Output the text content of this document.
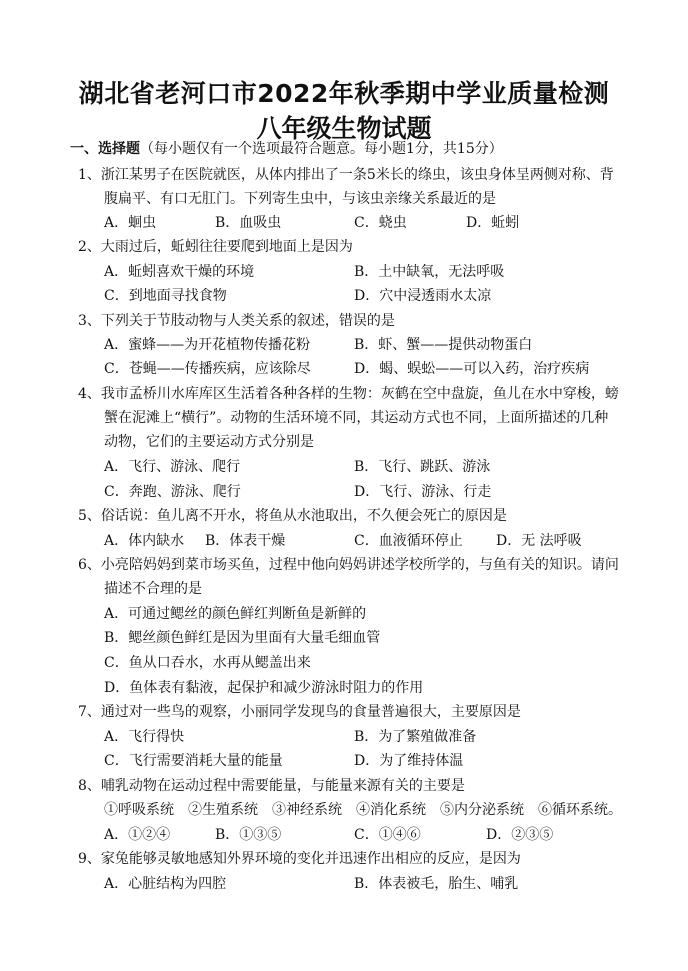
湖北省老河口市2022年秋季期中学业质量检测
八年级生物试题
一、选择题（每小题仅有一个选项最符合题意。每小题1分，共15分）
1、浙江某男子在医院就医，从体内排出了一条5米长的绦虫，该虫身体呈两侧对称、背
腹扁平、有口无肛门。下列寄生虫中，与该虫亲缘关系最近的是
A．蛔虫	B．血吸虫	C．蛲虫	D．蚯蚓
2、大雨过后，蚯蚓往往要爬到地面上是因为
A．蚯蚓喜欢干燥的环境	B．土中缺氧，无法呼吸
C．到地面寻找食物	D．穴中浸透雨水太凉
3、下列关于节肢动物与人类关系的叙述，错误的是
A．蜜蜂——为开花植物传播花粉	B．虾、蟹——提供动物蛋白
C．苍蝇——传播疾病，应该除尽	D．蝎、蜈蚣——可以入药，治疗疾病
4、我市孟桥川水库库区生活着各种各样的生物：灰鹤在空中盘旋，鱼儿在水中穿梭，螃
蟹在泥滩上“横行”。动物的生活环境不同，其运动方式也不同，上面所描述的几种
动物，它们的主要运动方式分别是
A．飞行、游泳、爬行	B．飞行、跳跃、游泳
C．奔跑、游泳、爬行	D．飞行、游泳、行走
5、俗话说：鱼儿离不开水，将鱼从水池取出，不久便会死亡的原因是
A．体内缺水 B．体表干燥	C．血液循环停止 D．无 法呼吸
6、小亮陪妈妈到菜市场买鱼，过程中他向妈妈讲述学校所学的，与鱼有关的知识。请问
描述不合理的是
A．可通过鳃丝的颜色鲜红判断鱼是新鲜的
B．鳃丝颜色鲜红是因为里面有大量毛细血管
C．鱼从口吞水，水再从鳃盖出来
D．鱼体表有黏液，起保护和减少游泳时阻力的作用
7、通过对一些鸟的观察，小丽同学发现鸟的食量普遍很大，主要原因是
A．飞行得快	B．为了繁殖做准备
C．飞行需要消耗大量的能量	D．为了维持体温
8、哺乳动物在运动过程中需要能量，与能量来源有关的主要是
①呼吸系统　②生殖系统　③神经系统　④消化系统　⑤内分泌系统　⑥循环系统。
A．①②④	B．①③⑤	C．①④⑥	D．②③⑤
9、家兔能够灵敏地感知外界环境的变化并迅速作出相应的反应，是因为
A．心脏结构为四腔	B．体表被毛，胎生、哺乳
